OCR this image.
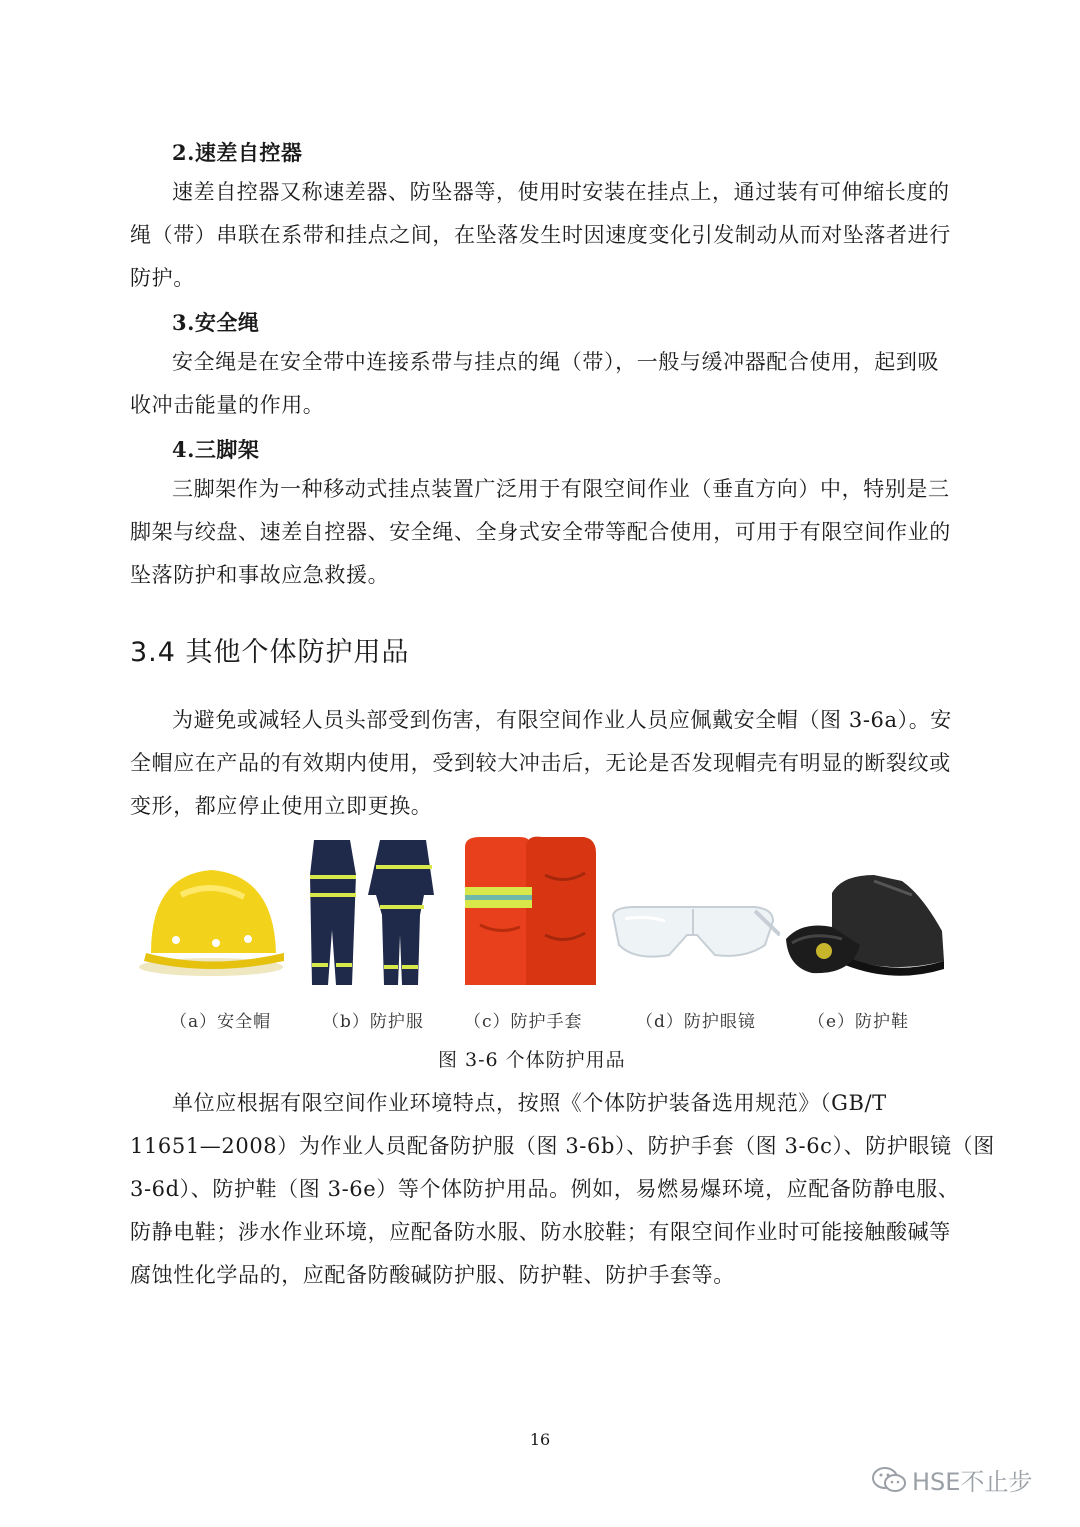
2.速差自控器
速差自控器又称速差器、防坠器等，使用时安装在挂点上，通过装有可伸缩长度的
绳（带）串联在系带和挂点之间，在坠落发生时因速度变化引发制动从而对坠落者进行
防护。
3.安全绳
安全绳是在安全带中连接系带与挂点的绳（带），一般与缓冲器配合使用，起到吸
收冲击能量的作用。
4.三脚架
三脚架作为一种移动式挂点装置广泛用于有限空间作业（垂直方向）中，特别是三
脚架与绞盘、速差自控器、安全绳、全身式安全带等配合使用，可用于有限空间作业的
坠落防护和事故应急救援。
3.4 其他个体防护用品
为避免或减轻人员头部受到伤害，有限空间作业人员应佩戴安全帽（图 3-6a）。安
全帽应在产品的有效期内使用，受到较大冲击后，无论是否发现帽壳有明显的断裂纹或
变形，都应停止使用立即更换。
（a）安全帽	（b）防护服 （c）防护手套	（d）防护眼镜	（e）防护鞋
图 3-6 个体防护用品
单位应根据有限空间作业环境特点，按照《个体防护装备选用规范》（GB/T
11651—2008）为作业人员配备防护服（图 3-6b）、防护手套（图 3-6c）、防护眼镜（图
3-6d）、防护鞋（图 3-6e）等个体防护用品。例如，易燃易爆环境，应配备防静电服、
防静电鞋；涉水作业环境，应配备防水服、防水胶鞋；有限空间作业时可能接触酸碱等
腐蚀性化学品的，应配备防酸碱防护服、防护鞋、防护手套等。
16
HSE不止步
